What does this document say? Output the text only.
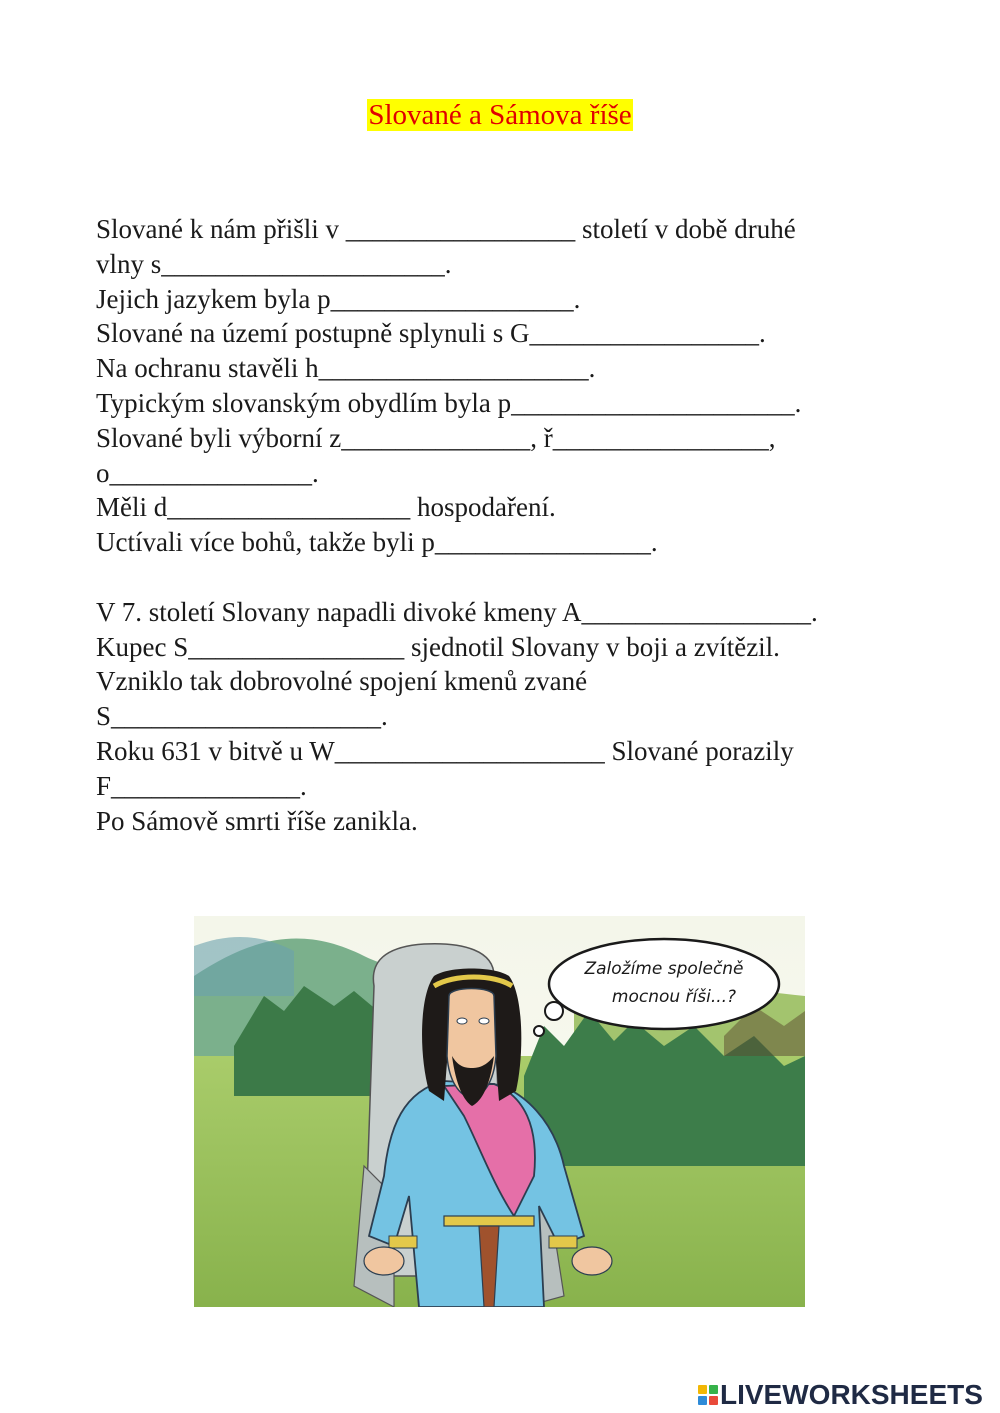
Slované a Sámova říše
Slované k nám přišli v _________________ století v době druhé
vlny s_____________________.
Jejich jazykem byla p__________________.
Slované na území postupně splynuli s G_________________.
Na ochranu stavěli h____________________.
Typickým slovanským obydlím byla p_____________________.
Slované byli výborní z______________, ř________________,
o_______________.
Měli d__________________ hospodaření.
Uctívali více bohů, takže byli p________________.
V 7. století Slovany napadli divoké kmeny A_________________.
Kupec S________________ sjednotil Slovany v boji a zvítězil.
Vzniklo tak dobrovolné spojení kmenů zvané
S____________________.
Roku 631 v bitvě u W____________________ Slované porazily
F______________.
Po Sámově smrti říše zanikla.
Založíme společně
mocnou říši...?
LIVEWORKSHEETS
